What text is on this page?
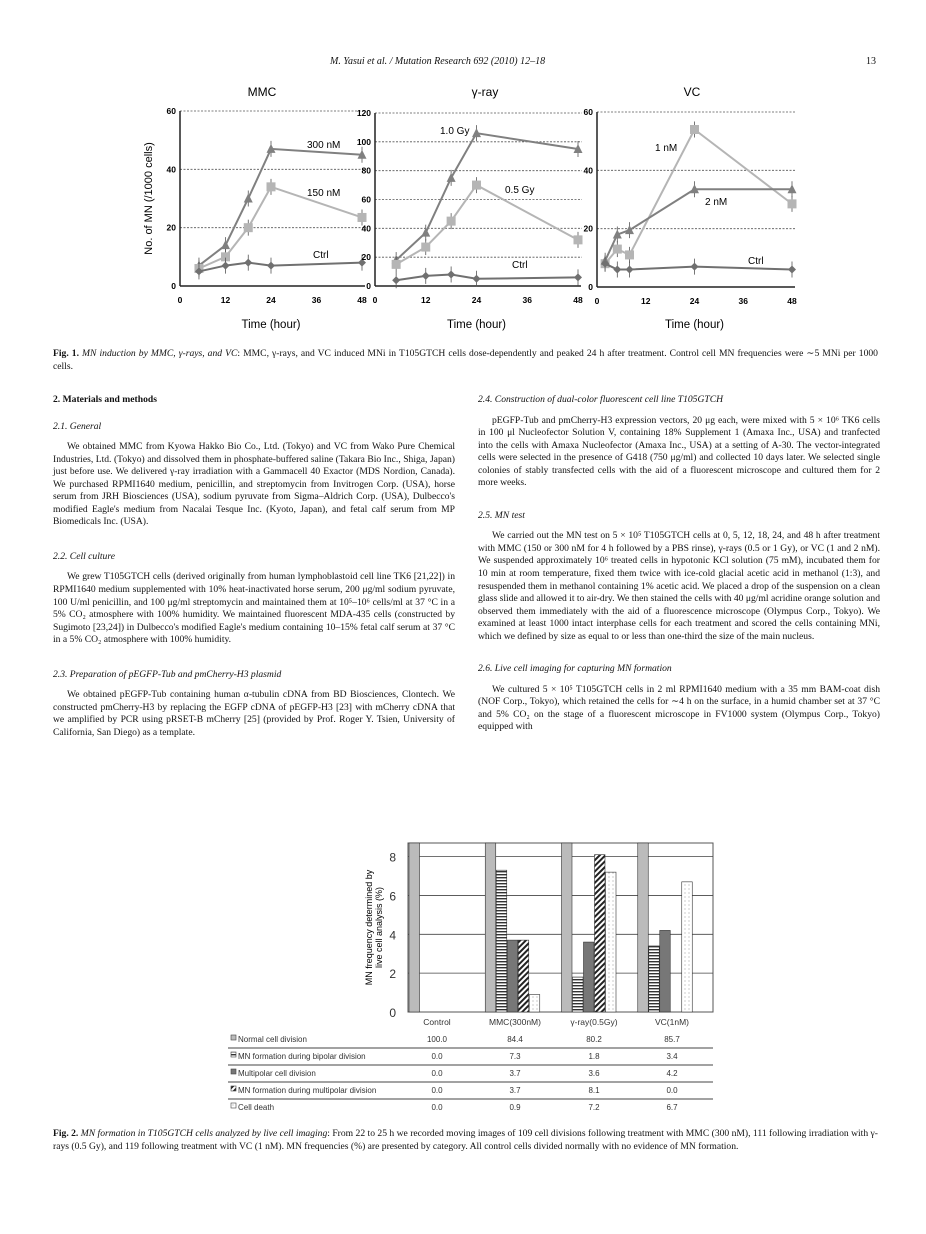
M. Yasui et al. / Mutation Research 692 (2010) 12–18	13
MMC
0
20
40
60
0	12	24	36	48
Time (hour)
No. of MN (/1000 cells)	300 nM
150 nM
Ctrl
γ-ray
0
20
40
60
80
100
120
0	12	24	36	48
Time (hour)
1.0 Gy
0.5 Gy
Ctrl
VC
0
20
40
60
0	12	24	36	48
Time (hour)
1 nM
2 nM
Ctrl
Fig. 1. MN induction by MMC, γ-rays, and VC: MMC, γ-rays, and VC induced MNi in T105GTCH cells dose-dependently and peaked 24 h after treatment. Control cell MN frequencies were ∼5 MNi per 1000 cells.
2. Materials and methods
2.1. General

We obtained MMC from Kyowa Hakko Bio Co., Ltd. (Tokyo) and VC from Wako Pure Chemical Industries, Ltd. (Tokyo) and dissolved them in phosphate-buffered saline (Takara Bio Inc., Shiga, Japan) just before use. We delivered γ-ray irradiation with a Gammacell 40 Exactor (MDS Nordion, Canada). We purchased RPMI1640 medium, penicillin, and streptomycin from Invitrogen Corp. (USA), horse serum from JRH Biosciences (USA), sodium pyruvate from Sigma–Aldrich Corp. (USA), Dulbecco's modified Eagle's medium from Nacalai Tesque Inc. (Kyoto, Japan), and fetal calf serum from MP Biomedicals Inc. (USA).

2.2. Cell culture

We grew T105GTCH cells (derived originally from human lymphoblastoid cell line TK6 [21,22]) in RPMI1640 medium supplemented with 10% heat-inactivated horse serum, 200 μg/ml sodium pyruvate, 100 U/ml penicillin, and 100 μg/ml streptomycin and maintained them at 10⁵–10⁶ cells/ml at 37 °C in a 5% CO₂ atmosphere with 100% humidity. We maintained fluorescent MDA-435 cells (constructed by Sugimoto [23,24]) in Dulbecco's modified Eagle's medium containing 10–15% fetal calf serum at 37 °C in a 5% CO₂ atmosphere with 100% humidity.

2.3. Preparation of pEGFP-Tub and pmCherry-H3 plasmid

We obtained pEGFP-Tub containing human α-tubulin cDNA from BD Biosciences, Clontech. We constructed pmCherry-H3 by replacing the EGFP cDNA of pEGFP-H3 [23] with mCherry cDNA that we amplified by PCR using pRSET-B mCherry [25] (provided by Prof. Roger Y. Tsien, University of California, San Diego) as a template.

2.4. Construction of dual-color fluorescent cell line T105GTCH

pEGFP-Tub and pmCherry-H3 expression vectors, 20 μg each, were mixed with 5 × 10⁶ TK6 cells in 100 μl Nucleofector Solution V, containing 18% Supplement 1 (Amaxa Inc., USA) and tranfected into the cells with Amaxa Nucleofector (Amaxa Inc., USA) at a setting of A-30. The vector-integrated cells were selected in the presence of G418 (750 μg/ml) and collected 10 days later. We selected single colonies of stably transfected cells with the aid of a fluorescent microscope and cultured them for 2 more weeks.

2.5. MN test

We carried out the MN test on 5 × 10⁵ T105GTCH cells at 0, 5, 12, 18, 24, and 48 h after treatment with MMC (150 or 300 nM for 4 h followed by a PBS rinse), γ-rays (0.5 or 1 Gy), or VC (1 and 2 nM). We suspended approximately 10⁶ treated cells in hypotonic KCl solution (75 mM), incubated them for 10 min at room temperature, fixed them twice with ice-cold glacial acetic acid in methanol (1:3), and resuspended them in methanol containing 1% acetic acid. We placed a drop of the suspension on a clean glass slide and allowed it to air-dry. We then stained the cells with 40 μg/ml acridine orange solution and observed them immediately with the aid of a fluorescence microscope (Olympus Corp., Tokyo). We examined at least 1000 intact interphase cells for each treatment and scored the cells containing MNi, which we defined by size as equal to or less than one-third the size of the main nucleus.

2.6. Live cell imaging for capturing MN formation

We cultured 5 × 10⁵ T105GTCH cells in 2 ml RPMI1640 medium with a 35 mm BAM-coat dish (NOF Corp., Tokyo), which retained the cells for ∼4 h on the surface, in a humid chamber set at 37 °C and 5% CO₂ on the stage of a fluorescent microscope in FV1000 system (Olympus Corp., Tokyo) equipped with

0
2
4
6
8
MN frequency determined by live cell analysis (%)
Control	MMC(300nM)	γ-ray(0.5Gy)	VC(1nM)
Normal cell division	100.0	84.4	80.2	85.7
MN formation during bipolar division	0.0	7.3	1.8	3.4
Multipolar cell division	0.0	3.7	3.6	4.2
MN formation during multipolar division	0.0	3.7	8.1	0.0
Cell death	0.0	0.9	7.2	6.7
Fig. 2. MN formation in T105GTCH cells analyzed by live cell imaging: From 22 to 25 h we recorded moving images of 109 cell divisions following treatment with MMC (300 nM), 111 following irradiation with γ-rays (0.5 Gy), and 119 following treatment with VC (1 nM). MN frequencies (%) are presented by category. All control cells divided normally with no evidence of MN formation.
